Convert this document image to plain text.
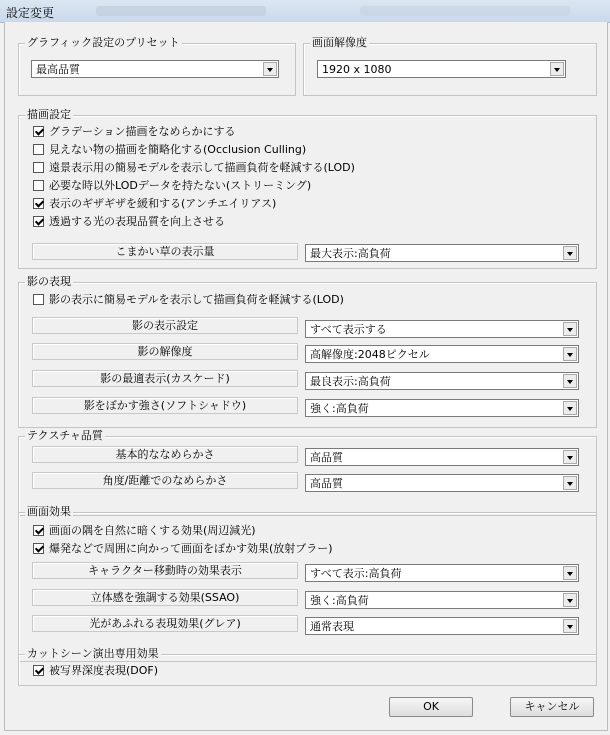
設定変更
グラフィック設定のプリセット
最高品質
画面解像度
1920 x 1080
描画設定
グラデーション描画をなめらかにする
見えない物の描画を簡略化する(Occlusion Culling)
遠景表示用の簡易モデルを表示して描画負荷を軽減する(LOD)
必要な時以外LODデータを持たない(ストリーミング)
表示のギザギザを緩和する(アンチエイリアス)
透過する光の表現品質を向上させる
こまかい草の表示量	最大表示:高負荷
影の表現
影の表示に簡易モデルを表示して描画負荷を軽減する(LOD)
影の表示設定	すべて表示する
影の解像度	高解像度:2048ピクセル
影の最適表示(カスケード)	最良表示:高負荷
影をぼかす強さ(ソフトシャドウ)	強く:高負荷
テクスチャ品質
基本的ななめらかさ	高品質
角度/距離でのなめらかさ	高品質
画面効果
画面の隅を自然に暗くする効果(周辺減光)
爆発などで周囲に向かって画面をぼかす効果(放射ブラー)
キャラクター移動時の効果表示	すべて表示:高負荷
立体感を強調する効果(SSAO)	強く:高負荷
光があふれる表現効果(グレア)	通常表現
カットシーン演出専用効果
被写界深度表現(DOF)
OK	キャンセル
